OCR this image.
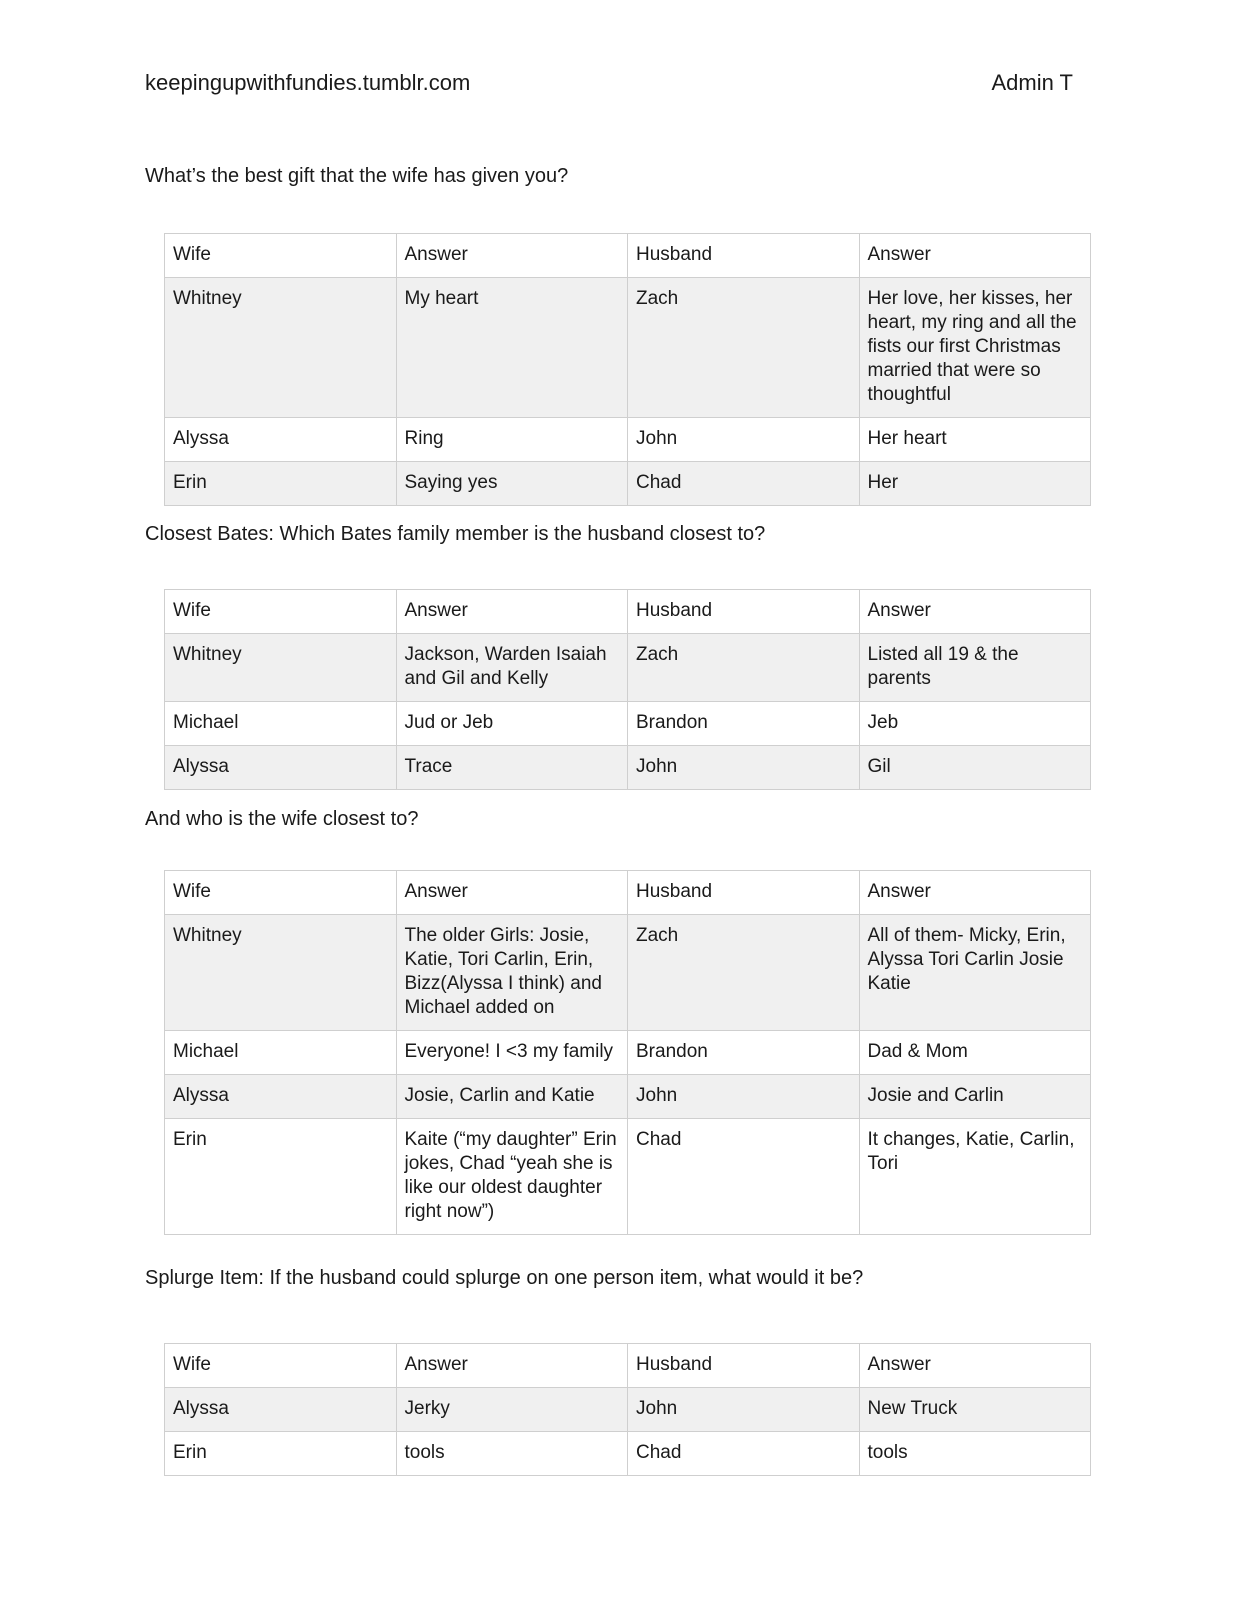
keepingupwithfundies.tumblr.com	Admin T
What’s the best gift that the wife has given you?
Wife	Answer	Husband	Answer
Whitney	My heart	Zach	Her love, her kisses, her heart, my ring and all the fists our first Christmas married that were so thoughtful
Alyssa	Ring	John	Her heart
Erin	Saying yes	Chad	Her
Closest Bates: Which Bates family member is the husband closest to?
Wife	Answer	Husband	Answer
Whitney	Jackson, Warden Isaiah and Gil and Kelly	Zach	Listed all 19 & the parents
Michael	Jud or Jeb	Brandon	Jeb
Alyssa	Trace	John	Gil
And who is the wife closest to?
Wife	Answer	Husband	Answer
Whitney	The older Girls: Josie, Katie, Tori Carlin, Erin, Bizz(Alyssa I think) and Michael added on	Zach	All of them- Micky, Erin, Alyssa Tori Carlin Josie Katie
Michael	Everyone! I <3 my family	Brandon	Dad & Mom
Alyssa	Josie, Carlin and Katie	John	Josie and Carlin
Erin	Kaite (“my daughter” Erin jokes, Chad “yeah she is like our oldest daughter right now”)	Chad	It changes, Katie, Carlin, Tori
Splurge Item: If the husband could splurge on one person item, what would it be?
Wife	Answer	Husband	Answer
Alyssa	Jerky	John	New Truck
Erin	tools	Chad	tools
